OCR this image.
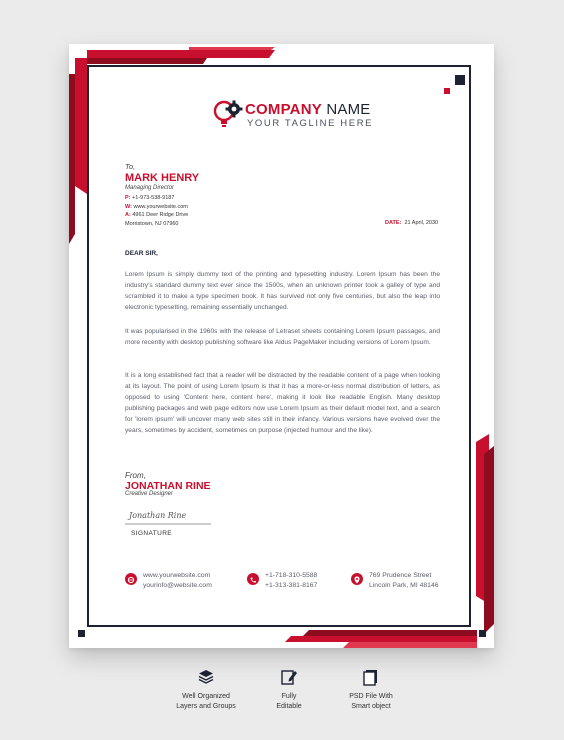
COMPANY NAME
YOUR TAGLINE HERE
To,
MARK HENRY
Managing Director
P: +1-973-538-9187
W: www.yourwebsite.com
A: 4961 Deer Ridge Drive
Morristown, NJ 07960	DATE: 21 April, 2030
DEAR SIR,

Lorem Ipsum is simply dummy text of the printing and typesetting industry. Lorem Ipsum has been the industry's standard dummy text ever since the 1500s, when an unknown printer took a galley of type and scrambled it to make a type specimen book. It has survived not only five centuries, but also the leap into electronic typesetting, remaining essentially unchanged.

It was popularised in the 1960s with the release of Letraset sheets containing Lorem Ipsum passages, and more recently with desktop publishing software like Aldus PageMaker including versions of Lorem Ipsum.

It is a long established fact that a reader will be distracted by the readable content of a page when looking at its layout. The point of using Lorem Ipsum is that it has a more-or-less normal distribution of letters, as opposed to using 'Content here, content here', making it look like readable English. Many desktop publishing packages and web page editors now use Lorem Ipsum as their default model text, and a search for 'lorem ipsum' will uncover many web sites still in their infancy. Various versions have evolved over the years, sometimes by accident, sometimes on purpose (injected humour and the like).

From,
JONATHAN RINE
Creative Designer
Jonathan Rine
SIGNATURE
www.yourwebsite.com
yourinfo@website.com
+1-718-310-5588
+1-313-381-8167
769 Prudence Street
Lincoln Park, MI 48146
Well Organized
Layers and Groups
Fully
Editable
PSD File With
Smart object
